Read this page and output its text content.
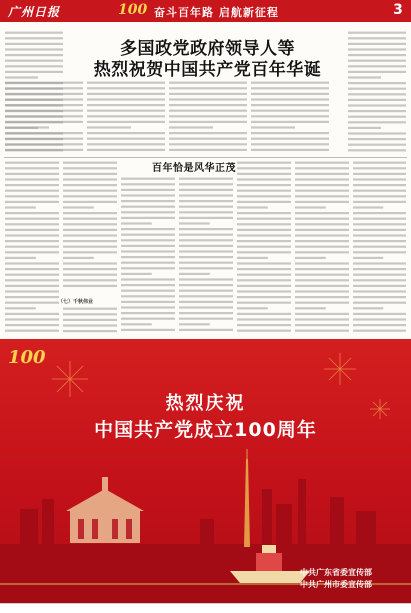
广州日报	100 奋斗百年路 启航新征程	3
多国政党政府领导人等
热烈祝贺中国共产党百年华诞
百年恰是风华正茂
（七）千秋伟业
100
热烈庆祝
中国共产党成立100周年
中共广东省委宣传部
中共广州市委宣传部
